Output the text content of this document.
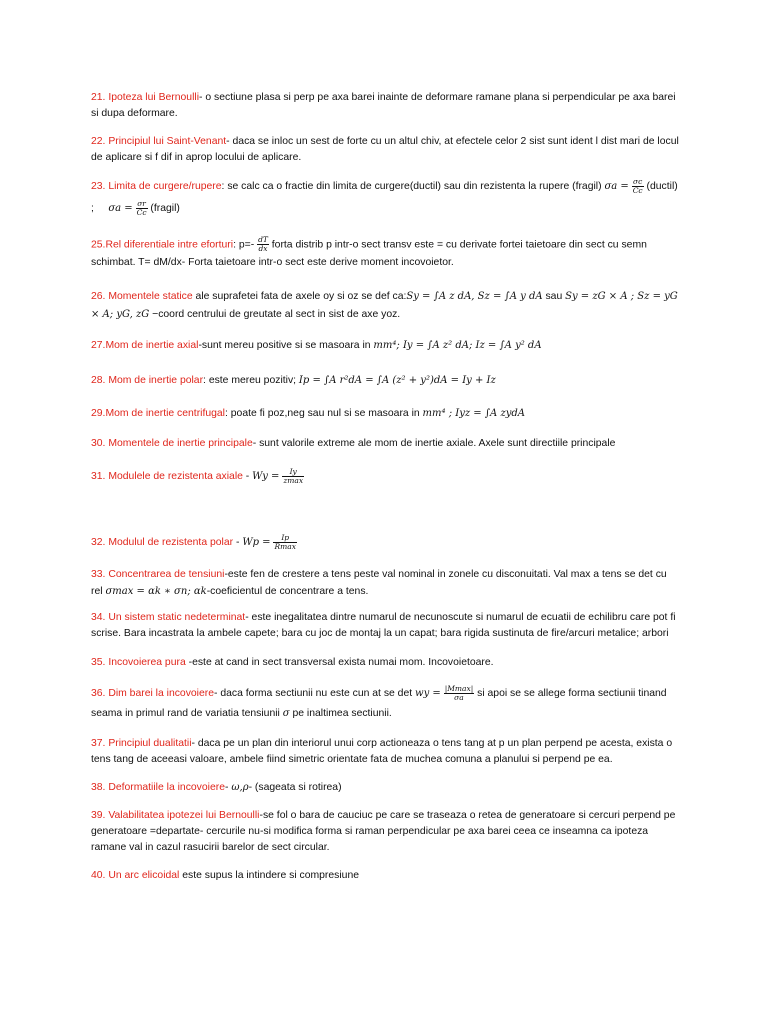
21. Ipoteza lui Bernoulli- o sectiune plasa si perp pe axa barei inainte de deformare ramane plana si perpendicular pe axa barei si dupa deformare.

22. Principiul lui Saint-Venant- daca se inloc un sest de forte cu un altul chiv, at efectele celor 2 sist sunt ident l dist mari de locul de aplicare si f dif in aprop locului de aplicare.

23. Limita de curgere/rupere: se calc ca o fractie din limita de curgere(ductil) sau din rezistenta la rupere (fragil) $\sigma a = \frac{\sigma c}{Cc}$ (ductil)
; $\sigma a = \frac{\sigma r}{Cc}$ (fragil)

25.Rel diferentiale intre eforturi: $p=- \frac{dT}{dx}$ forta distrib p intr-o sect transv este = cu derivate fortei taietoare din sect cu semn schimbat. T= dM/dx- Forta taietoare intr-o sect este derive moment incovoietor.

26. Momentele statice ale suprafetei fata de axele oy si oz se def ca:Sy = ∫A z dA, Sz = ∫A y dA sau Sy = zG × A ; Sz = yG × A; yG, zG −coord centrului de greutate al sect in sist de axe yoz.

27.Mom de inertie axial-sunt mereu positive si se masoara in mm⁴; Iy = ∫A z² dA; Iz = ∫A y² dA

28. Mom de inertie polar: este mereu pozitiv; Ip = ∫A r²dA = ∫A (z² + y²)dA = Iy + Iz

29.Mom de inertie centrifugal: poate fi poz,neg sau nul si se masoara in mm⁴ ; Iyz = ∫A zydA

30. Momentele de inertie principale- sunt valorile extreme ale mom de inertie axiale. Axele sunt directiile principale

31. Modulele de rezistenta axiale - $Wy = \frac{Iy}{zmax}$

32. Modulul de rezistenta polar - $Wp = \frac{Ip}{Rmax}$

33. Concentrarea de tensiuni-este fen de crestere a tens peste val nominal in zonele cu disconuitati. Val max a tens se det cu rel σmax = αk ∗ σn; αk-coeficientul de concentrare a tens.

34. Un sistem static nedeterminat- este inegalitatea dintre numarul de necunoscute si numarul de ecuatii de echilibru care pot fi scrise. Bara incastrata la ambele capete; bara cu joc de montaj la un capat; bara rigida sustinuta de fire/arcuri metalice; arbori

35. Incovoierea pura -este at cand in sect transversal exista numai mom. Incovoietoare.

36. Dim barei la incovoiere- daca forma sectiunii nu este cun at se det wy = $\frac{|Mmax|}{\sigma a}$ si apoi se se allege forma sectiunii tinand seama in primul rand de variatia tensiunii σ pe inaltimea sectiunii.

37. Principiul dualitatii- daca pe un plan din interiorul unui corp actioneaza o tens tang at p un plan perpend pe acesta, exista o tens tang de aceeasi valoare, ambele fiind simetric orientate fata de muchea comuna a planului si perpend pe ea.

38. Deformatiile la incovoiere- ω,ρ- (sageata si rotirea)

39. Valabilitatea ipotezei lui Bernoulli-se fol o bara de cauciuc pe care se traseaza o retea de generatoare si cercuri perpend pe generatoare =departate- cercurile nu-si modifica forma si raman perpendicular pe axa barei ceea ce inseamna ca ipoteza ramane val in cazul rasucirii barelor de sect circular.

40. Un arc elicoidal este supus la intindere si compresiune
